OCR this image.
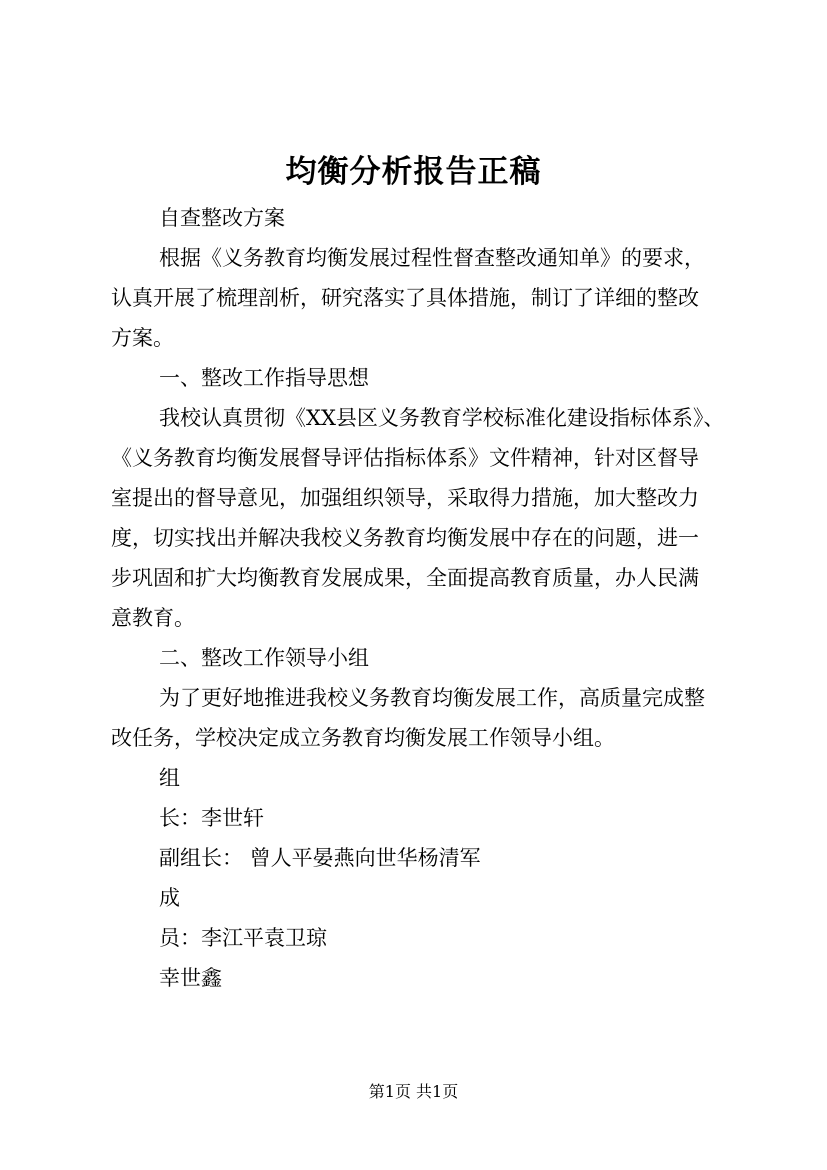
均衡分析报告正稿
自查整改方案
根据《义务教育均衡发展过程性督查整改通知单》的要求，
认真开展了梳理剖析，研究落实了具体措施，制订了详细的整改
方案。
一、整改工作指导思想
我校认真贯彻《XX县区义务教育学校标准化建设指标体系》、
《义务教育均衡发展督导评估指标体系》文件精神，针对区督导
室提出的督导意见，加强组织领导，采取得力措施，加大整改力
度，切实找出并解决我校义务教育均衡发展中存在的问题，进一
步巩固和扩大均衡教育发展成果，全面提高教育质量，办人民满
意教育。
二、整改工作领导小组
为了更好地推进我校义务教育均衡发展工作，高质量完成整
改任务，学校决定成立务教育均衡发展工作领导小组。
组
长：李世轩
副组长： 曾人平晏燕向世华杨清军
成
员：李江平袁卫琼
幸世鑫
第1页 共1页
